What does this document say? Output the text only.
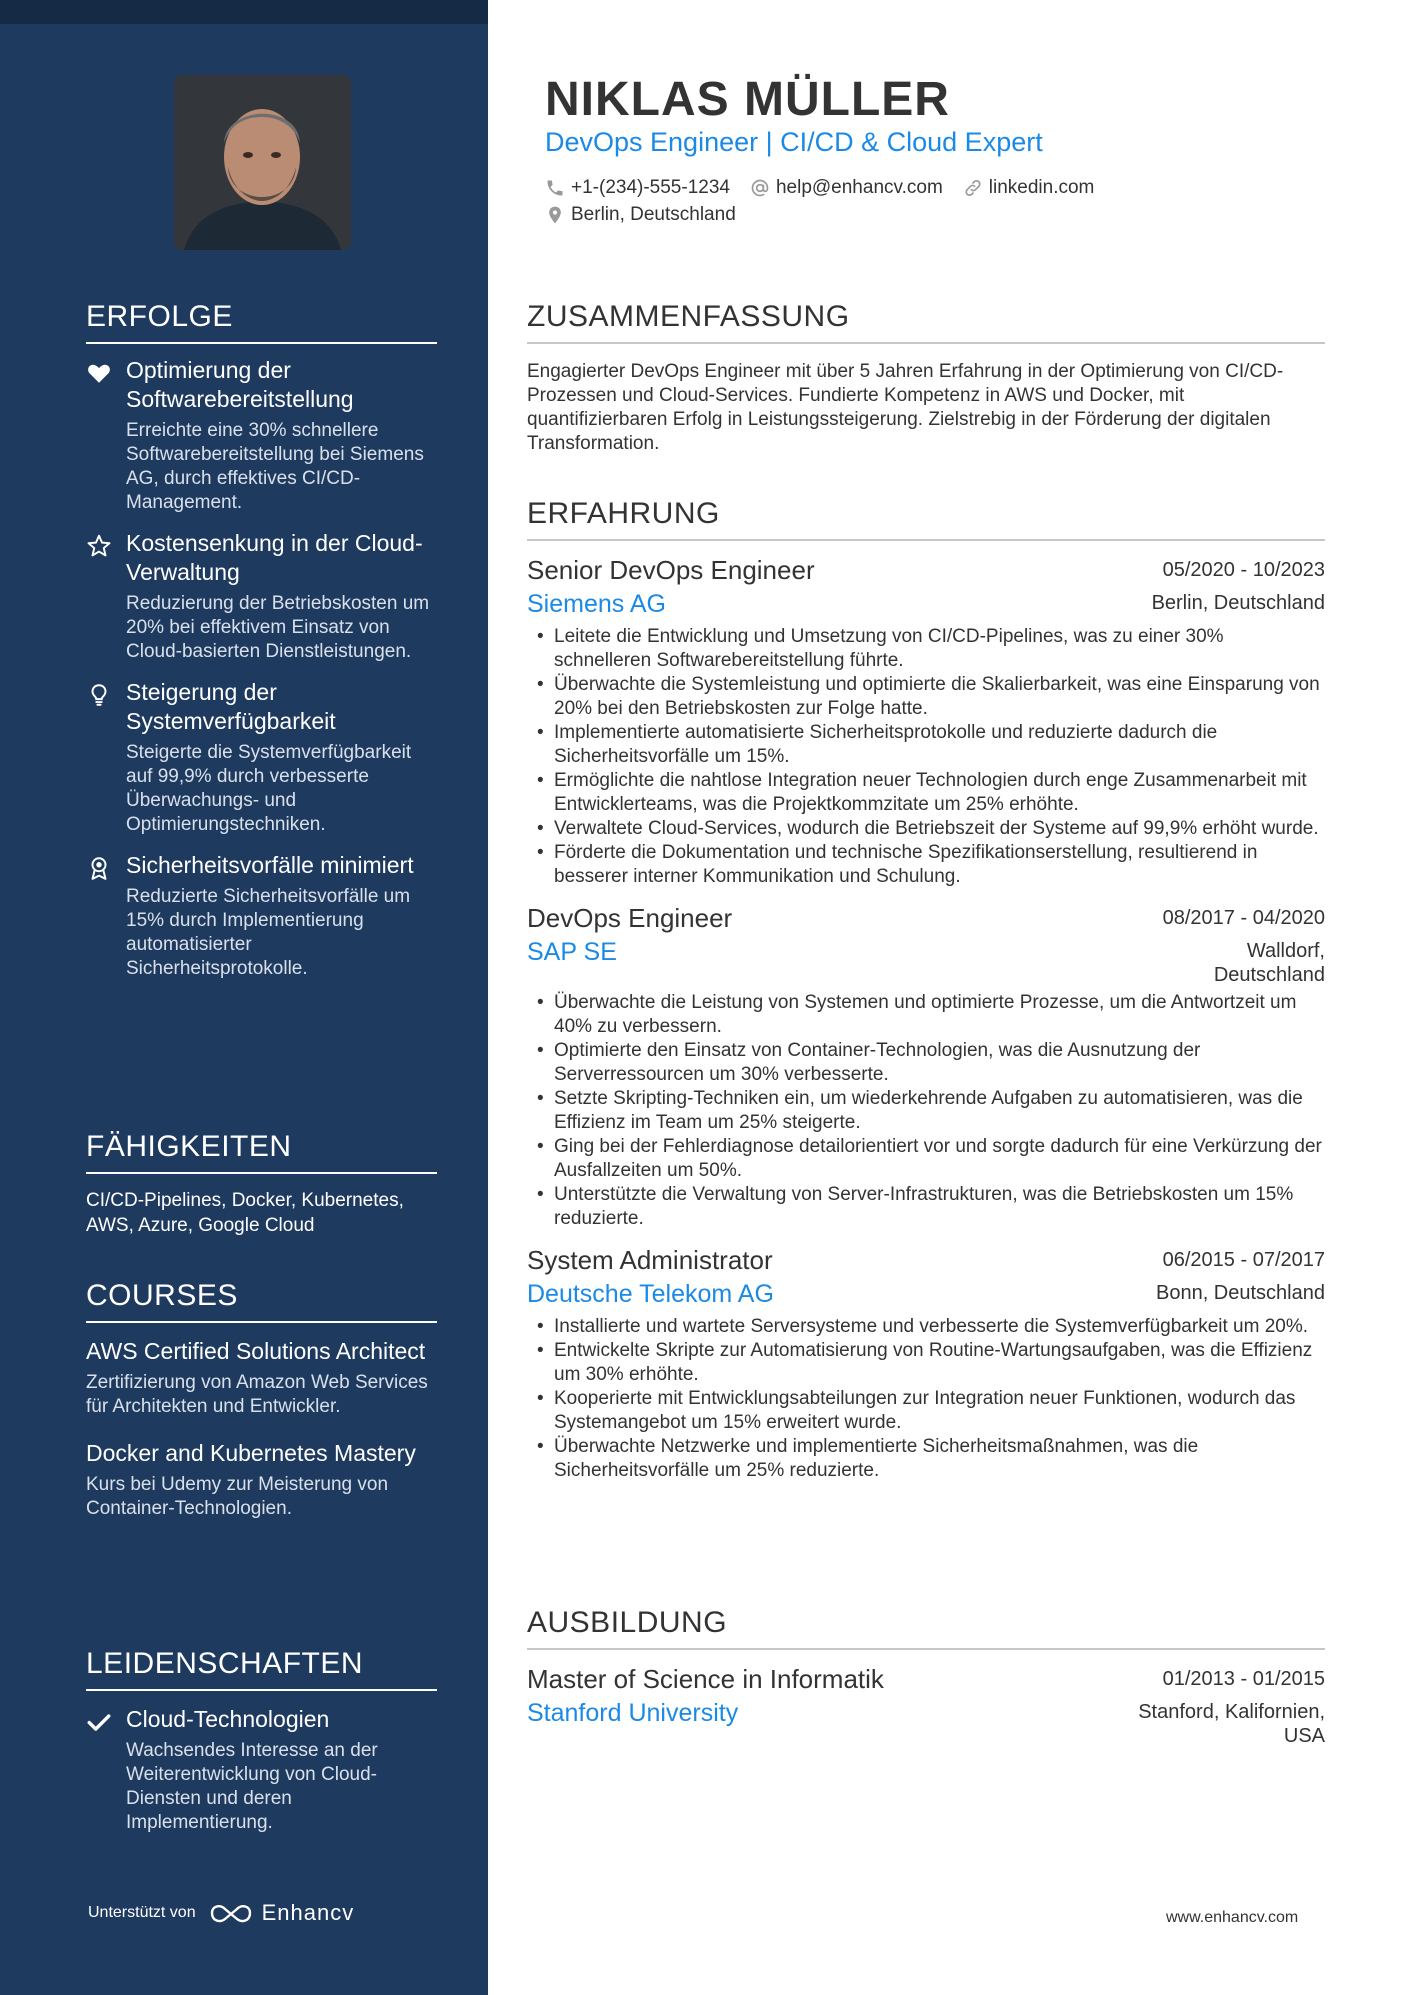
ERFOLGE
Optimierung der Softwarebereitstellung
Erreichte eine 30% schnellere Softwarebereitstellung bei Siemens AG, durch effektives CI/CD-Management.
Kostensenkung in der Cloud-Verwaltung
Reduzierung der Betriebskosten um 20% bei effektivem Einsatz von Cloud-basierten Dienstleistungen.
Steigerung der Systemverfügbarkeit
Steigerte die Systemverfügbarkeit auf 99,9% durch verbesserte Überwachungs- und Optimierungstechniken.
Sicherheitsvorfälle minimiert
Reduzierte Sicherheitsvorfälle um 15% durch Implementierung automatisierter Sicherheitsprotokolle.
FÄHIGKEITEN
CI/CD-Pipelines, Docker, Kubernetes, AWS, Azure, Google Cloud
COURSES
AWS Certified Solutions Architect
Zertifizierung von Amazon Web Services für Architekten und Entwickler.
Docker and Kubernetes Mastery
Kurs bei Udemy zur Meisterung von Container-Technologien.
LEIDENSCHAFTEN
Cloud-Technologien
Wachsendes Interesse an der Weiterentwicklung von Cloud-Diensten und deren Implementierung.
Unterstützt von	Enhancv
NIKLAS MÜLLER
DevOps Engineer | CI/CD & Cloud Expert
+1-(234)-555-1234 help@enhancv.com linkedin.com
Berlin, Deutschland
ZUSAMMENFASSUNG
Engagierter DevOps Engineer mit über 5 Jahren Erfahrung in der Optimierung von CI/CD-Prozessen und Cloud-Services. Fundierte Kompetenz in AWS und Docker, mit quantifizierbaren Erfolg in Leistungssteigerung. Zielstrebig in der Förderung der digitalen Transformation.
ERFAHRUNG
Senior DevOps Engineer	05/2020 - 10/2023
Siemens AG	Berlin, Deutschland
• Leitete die Entwicklung und Umsetzung von CI/CD-Pipelines, was zu einer 30% schnelleren Softwarebereitstellung führte.
• Überwachte die Systemleistung und optimierte die Skalierbarkeit, was eine Einsparung von 20% bei den Betriebskosten zur Folge hatte.
• Implementierte automatisierte Sicherheitsprotokolle und reduzierte dadurch die Sicherheitsvorfälle um 15%.
• Ermöglichte die nahtlose Integration neuer Technologien durch enge Zusammenarbeit mit Entwicklerteams, was die Projektkommzitate um 25% erhöhte.
• Verwaltete Cloud-Services, wodurch die Betriebszeit der Systeme auf 99,9% erhöht wurde.
• Förderte die Dokumentation und technische Spezifikationserstellung, resultierend in besserer interner Kommunikation und Schulung.
DevOps Engineer	08/2017 - 04/2020
SAP SE	Walldorf, Deutschland
• Überwachte die Leistung von Systemen und optimierte Prozesse, um die Antwortzeit um 40% zu verbessern.
• Optimierte den Einsatz von Container-Technologien, was die Ausnutzung der Serverressourcen um 30% verbesserte.
• Setzte Skripting-Techniken ein, um wiederkehrende Aufgaben zu automatisieren, was die Effizienz im Team um 25% steigerte.
• Ging bei der Fehlerdiagnose detailorientiert vor und sorgte dadurch für eine Verkürzung der Ausfallzeiten um 50%.
• Unterstützte die Verwaltung von Server-Infrastrukturen, was die Betriebskosten um 15% reduzierte.
System Administrator	06/2015 - 07/2017
Deutsche Telekom AG	Bonn, Deutschland
• Installierte und wartete Serversysteme und verbesserte die Systemverfügbarkeit um 20%.
• Entwickelte Skripte zur Automatisierung von Routine-Wartungsaufgaben, was die Effizienz um 30% erhöhte.
• Kooperierte mit Entwicklungsabteilungen zur Integration neuer Funktionen, wodurch das Systemangebot um 15% erweitert wurde.
• Überwachte Netzwerke und implementierte Sicherheitsmaßnahmen, was die Sicherheitsvorfälle um 25% reduzierte.
AUSBILDUNG
Master of Science in Informatik	01/2013 - 01/2015
Stanford University	Stanford, Kalifornien, USA
www.enhancv.com
